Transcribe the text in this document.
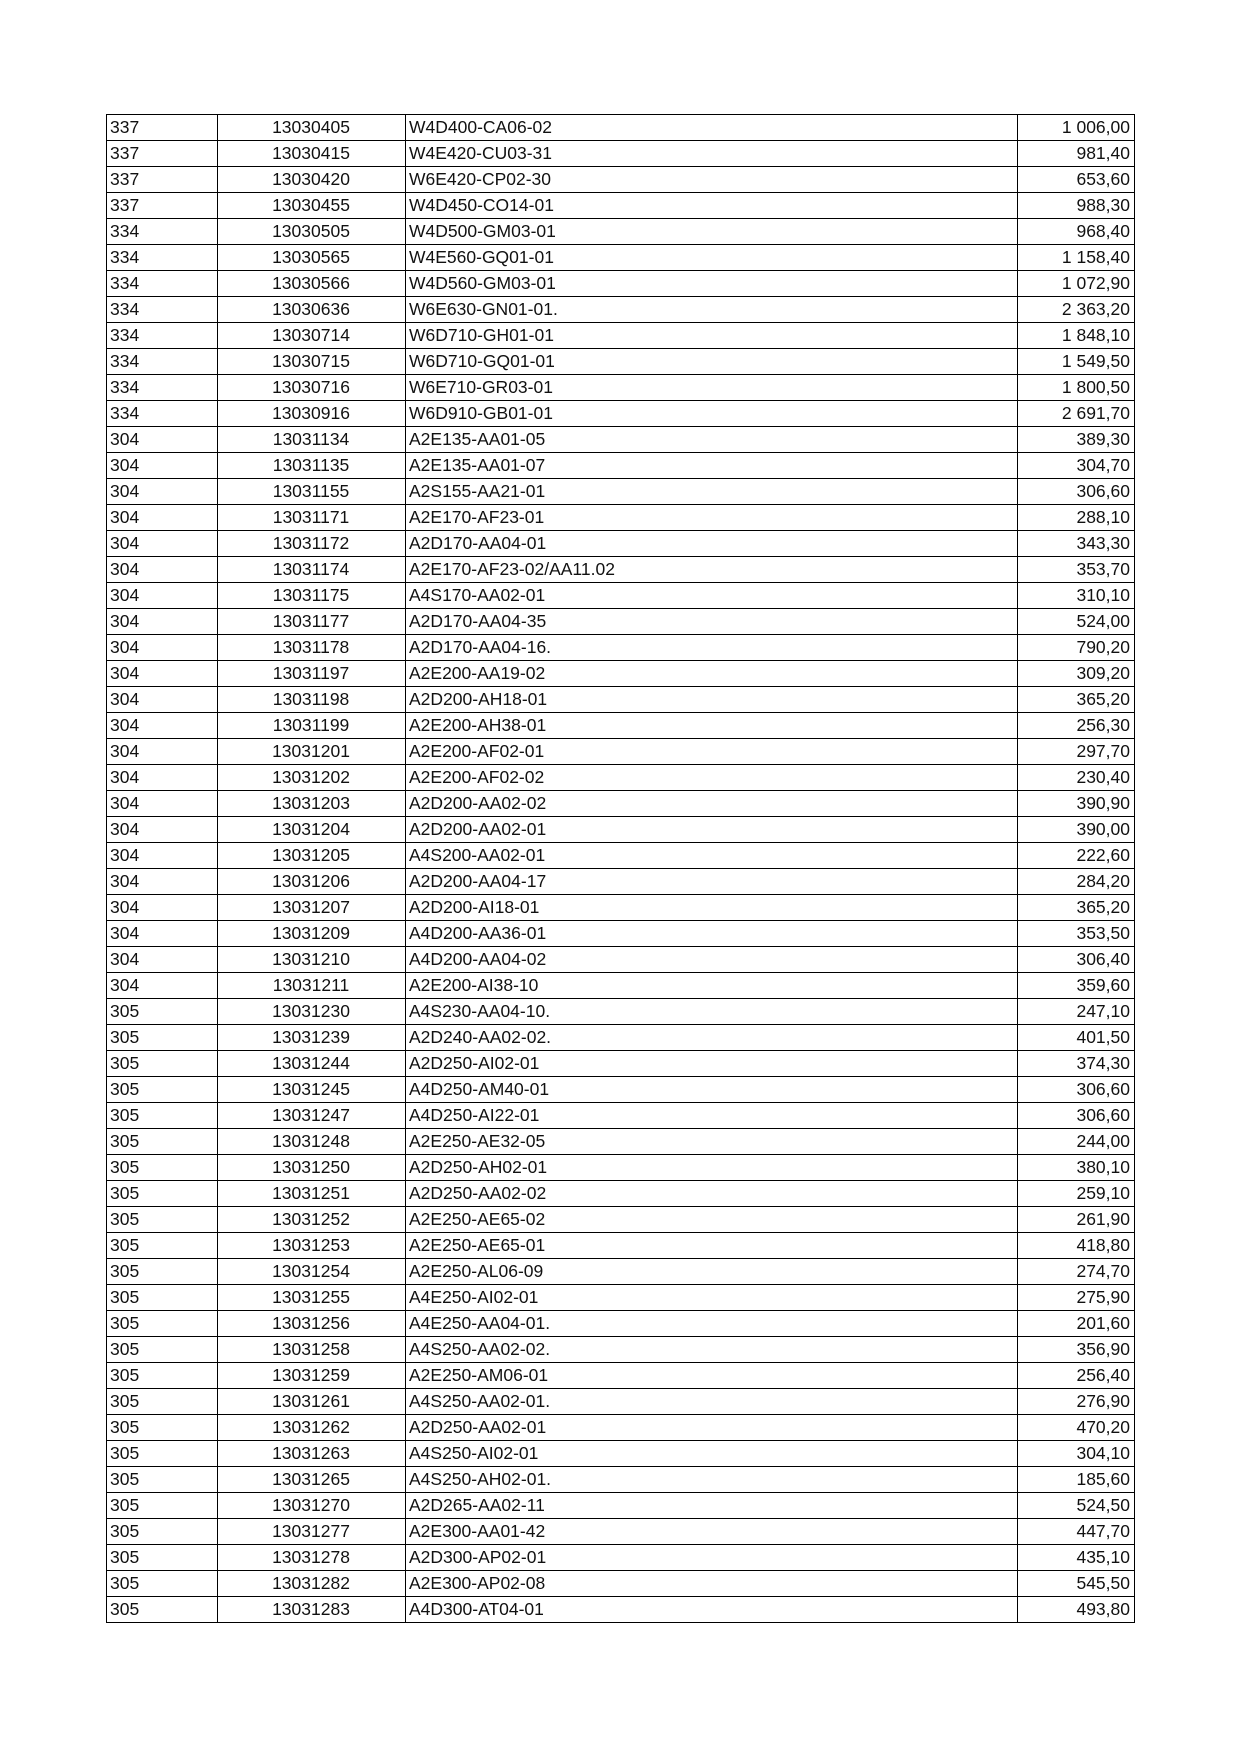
337	13030405	W4D400-CA06-02	1 006,00
337	13030415	W4E420-CU03-31	981,40
337	13030420	W6E420-CP02-30	653,60
337	13030455	W4D450-CO14-01	988,30
334	13030505	W4D500-GM03-01	968,40
334	13030565	W4E560-GQ01-01	1 158,40
334	13030566	W4D560-GM03-01	1 072,90
334	13030636	W6E630-GN01-01.	2 363,20
334	13030714	W6D710-GH01-01	1 848,10
334	13030715	W6D710-GQ01-01	1 549,50
334	13030716	W6E710-GR03-01	1 800,50
334	13030916	W6D910-GB01-01	2 691,70
304	13031134	A2E135-AA01-05	389,30
304	13031135	A2E135-AA01-07	304,70
304	13031155	A2S155-AA21-01	306,60
304	13031171	A2E170-AF23-01	288,10
304	13031172	A2D170-AA04-01	343,30
304	13031174	A2E170-AF23-02/AA11.02	353,70
304	13031175	A4S170-AA02-01	310,10
304	13031177	A2D170-AA04-35	524,00
304	13031178	A2D170-AA04-16.	790,20
304	13031197	A2E200-AA19-02	309,20
304	13031198	A2D200-AH18-01	365,20
304	13031199	A2E200-AH38-01	256,30
304	13031201	A2E200-AF02-01	297,70
304	13031202	A2E200-AF02-02	230,40
304	13031203	A2D200-AA02-02	390,90
304	13031204	A2D200-AA02-01	390,00
304	13031205	A4S200-AA02-01	222,60
304	13031206	A2D200-AA04-17	284,20
304	13031207	A2D200-AI18-01	365,20
304	13031209	A4D200-AA36-01	353,50
304	13031210	A4D200-AA04-02	306,40
304	13031211	A2E200-AI38-10	359,60
305	13031230	A4S230-AA04-10.	247,10
305	13031239	A2D240-AA02-02.	401,50
305	13031244	A2D250-AI02-01	374,30
305	13031245	A4D250-AM40-01	306,60
305	13031247	A4D250-AI22-01	306,60
305	13031248	A2E250-AE32-05	244,00
305	13031250	A2D250-AH02-01	380,10
305	13031251	A2D250-AA02-02	259,10
305	13031252	A2E250-AE65-02	261,90
305	13031253	A2E250-AE65-01	418,80
305	13031254	A2E250-AL06-09	274,70
305	13031255	A4E250-AI02-01	275,90
305	13031256	A4E250-AA04-01.	201,60
305	13031258	A4S250-AA02-02.	356,90
305	13031259	A2E250-AM06-01	256,40
305	13031261	A4S250-AA02-01.	276,90
305	13031262	A2D250-AA02-01	470,20
305	13031263	A4S250-AI02-01	304,10
305	13031265	A4S250-AH02-01.	185,60
305	13031270	A2D265-AA02-11	524,50
305	13031277	A2E300-AA01-42	447,70
305	13031278	A2D300-AP02-01	435,10
305	13031282	A2E300-AP02-08	545,50
305	13031283	A4D300-AT04-01	493,80
